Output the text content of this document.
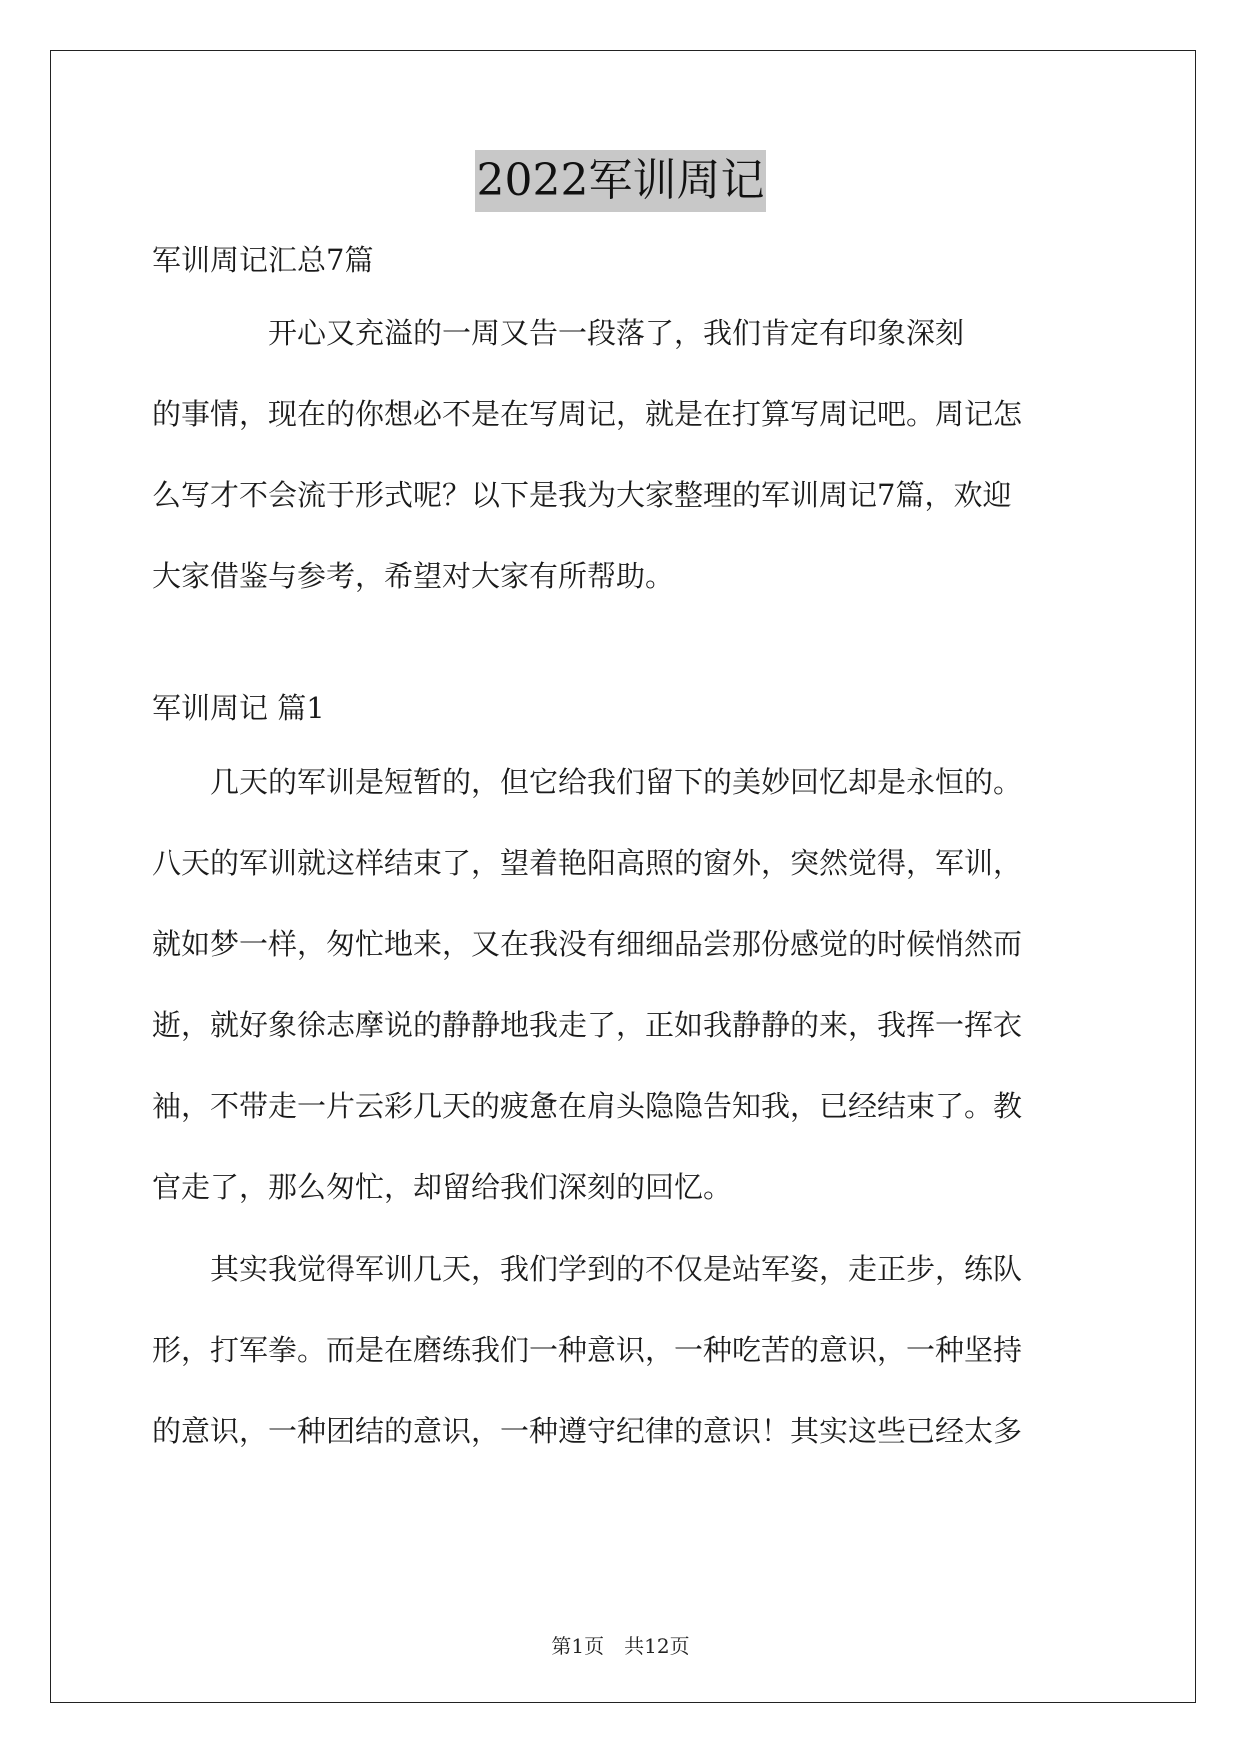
2022军训周记
军训周记汇总7篇
　　　　开心又充溢的一周又告一段落了，我们肯定有印象深刻
的事情，现在的你想必不是在写周记，就是在打算写周记吧。周记怎
么写才不会流于形式呢？以下是我为大家整理的军训周记7篇，欢迎
大家借鉴与参考，希望对大家有所帮助。
军训周记 篇1
　　几天的军训是短暂的，但它给我们留下的美妙回忆却是永恒的。
八天的军训就这样结束了，望着艳阳高照的窗外，突然觉得，军训，
就如梦一样，匆忙地来，又在我没有细细品尝那份感觉的时候悄然而
逝，就好象徐志摩说的静静地我走了，正如我静静的来，我挥一挥衣
袖，不带走一片云彩几天的疲惫在肩头隐隐告知我，已经结束了。教
官走了，那么匆忙，却留给我们深刻的回忆。
　　其实我觉得军训几天，我们学到的不仅是站军姿，走正步，练队
形，打军拳。而是在磨练我们一种意识，一种吃苦的意识，一种坚持
的意识，一种团结的意识，一种遵守纪律的意识！其实这些已经太多
第1页　共12页
